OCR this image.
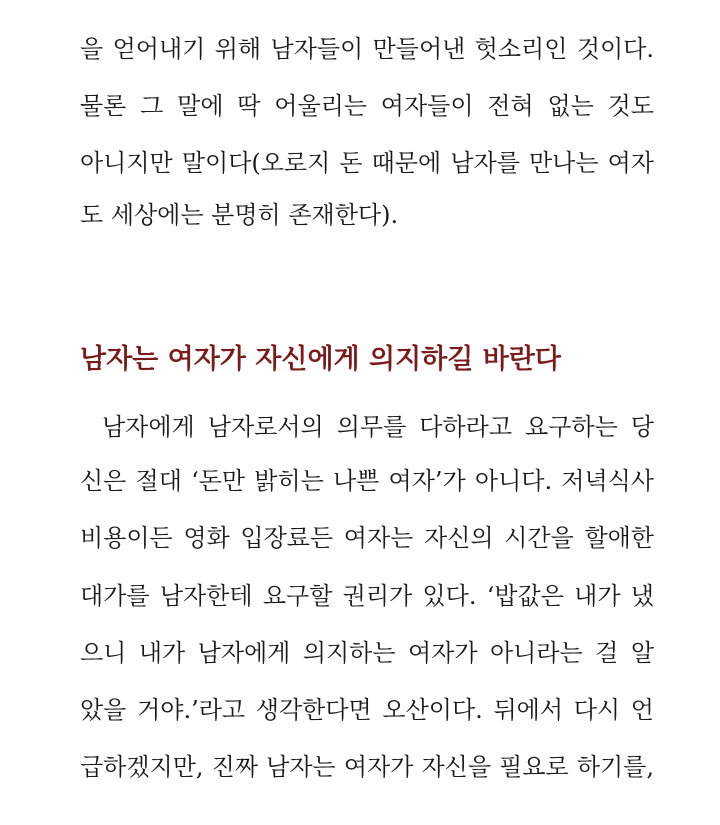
을 얻어내기 위해 남자들이 만들어낸 헛소리인 것이다.
물론 그 말에 딱 어울리는 여자들이 전혀 없는 것도
아니지만 말이다(오로지 돈 때문에 남자를 만나는 여자
도 세상에는 분명히 존재한다).
남자는 여자가 자신에게 의지하길 바란다
남자에게 남자로서의 의무를 다하라고 요구하는 당
신은 절대 ‘돈만 밝히는 나쁜 여자’가 아니다. 저녁식사
비용이든 영화 입장료든 여자는 자신의 시간을 할애한
대가를 남자한테 요구할 권리가 있다. ‘밥값은 내가 냈
으니 내가 남자에게 의지하는 여자가 아니라는 걸 알
았을 거야.’라고 생각한다면 오산이다. 뒤에서 다시 언
급하겠지만, 진짜 남자는 여자가 자신을 필요로 하기를,
